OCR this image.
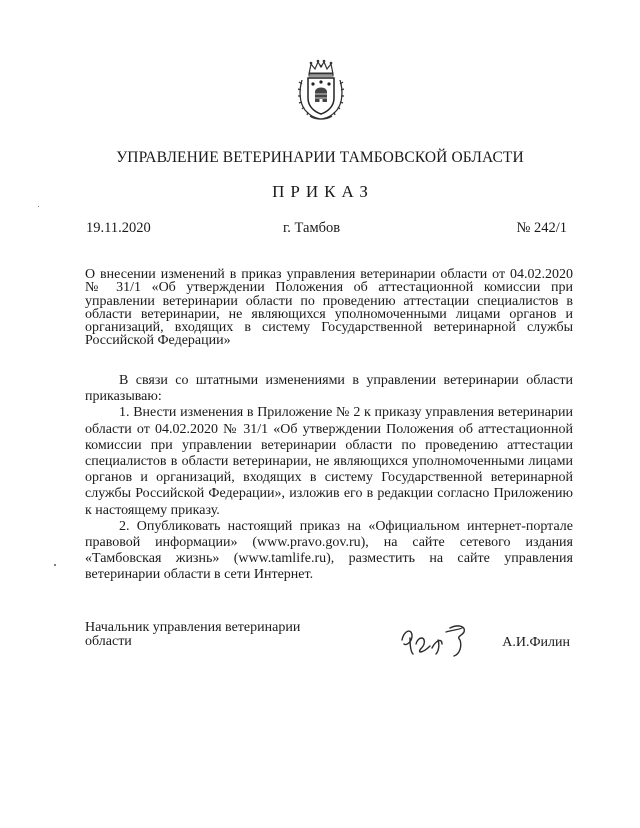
УПРАВЛЕНИЕ ВЕТЕРИНАРИИ ТАМБОВСКОЙ ОБЛАСТИ
ПРИКАЗ
19.11.2020	г. Тамбов	№ 242/1
О внесении изменений в приказ управления ветеринарии области от 04.02.2020 № 31/1 «Об утверждении Положения об аттестационной комиссии при управлении ветеринарии области по проведению аттестации специалистов в области ветеринарии, не являющихся уполномоченными лицами органов и организаций, входящих в систему Государственной ветеринарной службы Российской Федерации»

В связи со штатными изменениями в управлении ветеринарии области приказываю:

1. Внести изменения в Приложение № 2 к приказу управления ветеринарии области от 04.02.2020 № 31/1 «Об утверждении Положения об аттестационной комиссии при управлении ветеринарии области по проведению аттестации специалистов в области ветеринарии, не являющихся уполномоченными лицами органов и организаций, входящих в систему Государственной ветеринарной службы Российской Федерации», изложив его в редакции согласно Приложению к настоящему приказу.

2. Опубликовать настоящий приказ на «Официальном интернет-портале правовой информации» (www.pravo.gov.ru), на сайте сетевого издания «Тамбовская жизнь» (www.tamlife.ru), разместить на сайте управления ветеринарии области в сети Интернет.

Начальник управления ветеринарии области	А.И.Филин
